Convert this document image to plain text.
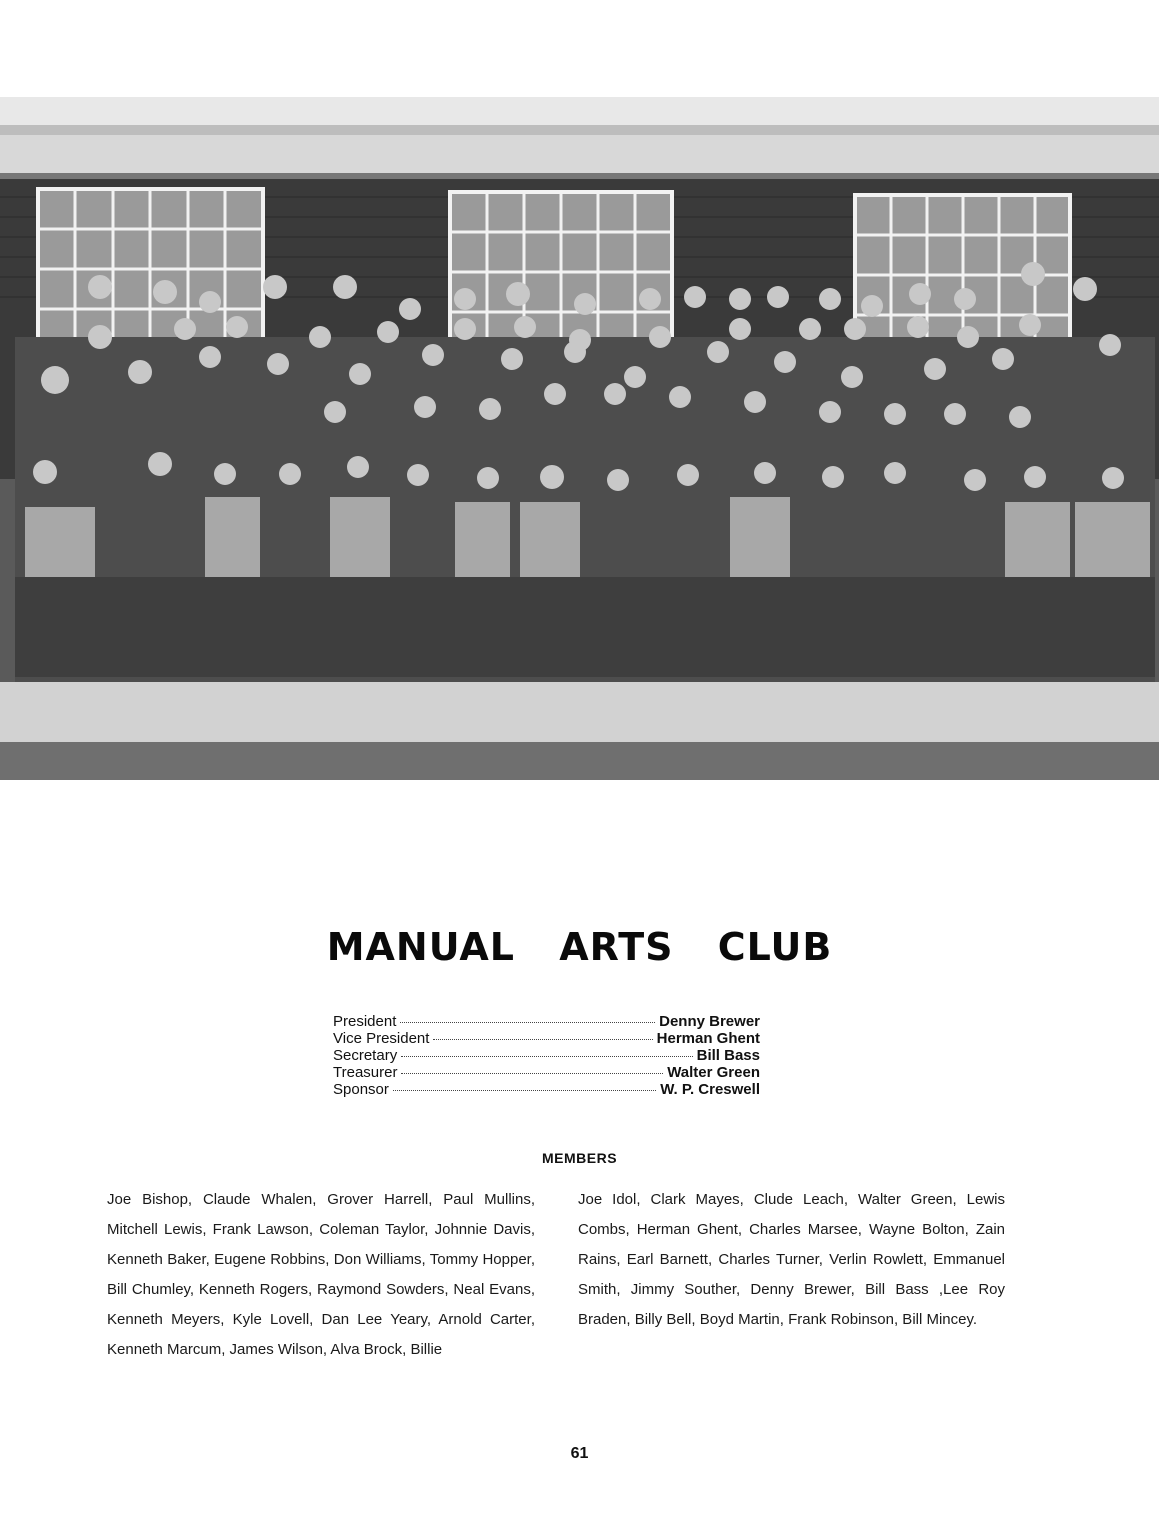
MANUAL ARTS CLUB
President	Denny Brewer
Vice President	Herman Ghent
Secretary	Bill Bass
Treasurer	Walter Green
Sponsor	W. P. Creswell
MEMBERS
Joe Bishop, Claude Whalen, Grover Harrell, Paul Mullins, Mitchell Lewis, Frank Lawson, Coleman Taylor, Johnnie Davis, Kenneth Baker, Eugene Robbins, Don Williams, Tommy Hopper, Bill Chumley, Kenneth Rogers, Raymond Sowders, Neal Evans, Kenneth Meyers, Kyle Lovell, Dan Lee Yeary, Arnold Carter, Kenneth Marcum, James Wilson, Alva Brock, Billie
Joe Idol, Clark Mayes, Clude Leach, Walter Green, Lewis Combs, Herman Ghent, Charles Marsee, Wayne Bolton, Zain Rains, Earl Barnett, Charles Turner, Verlin Rowlett, Emmanuel Smith, Jimmy Souther, Denny Brewer, Bill Bass ,Lee Roy Braden, Billy Bell, Boyd Martin, Frank Robinson, Bill Mincey.
61
